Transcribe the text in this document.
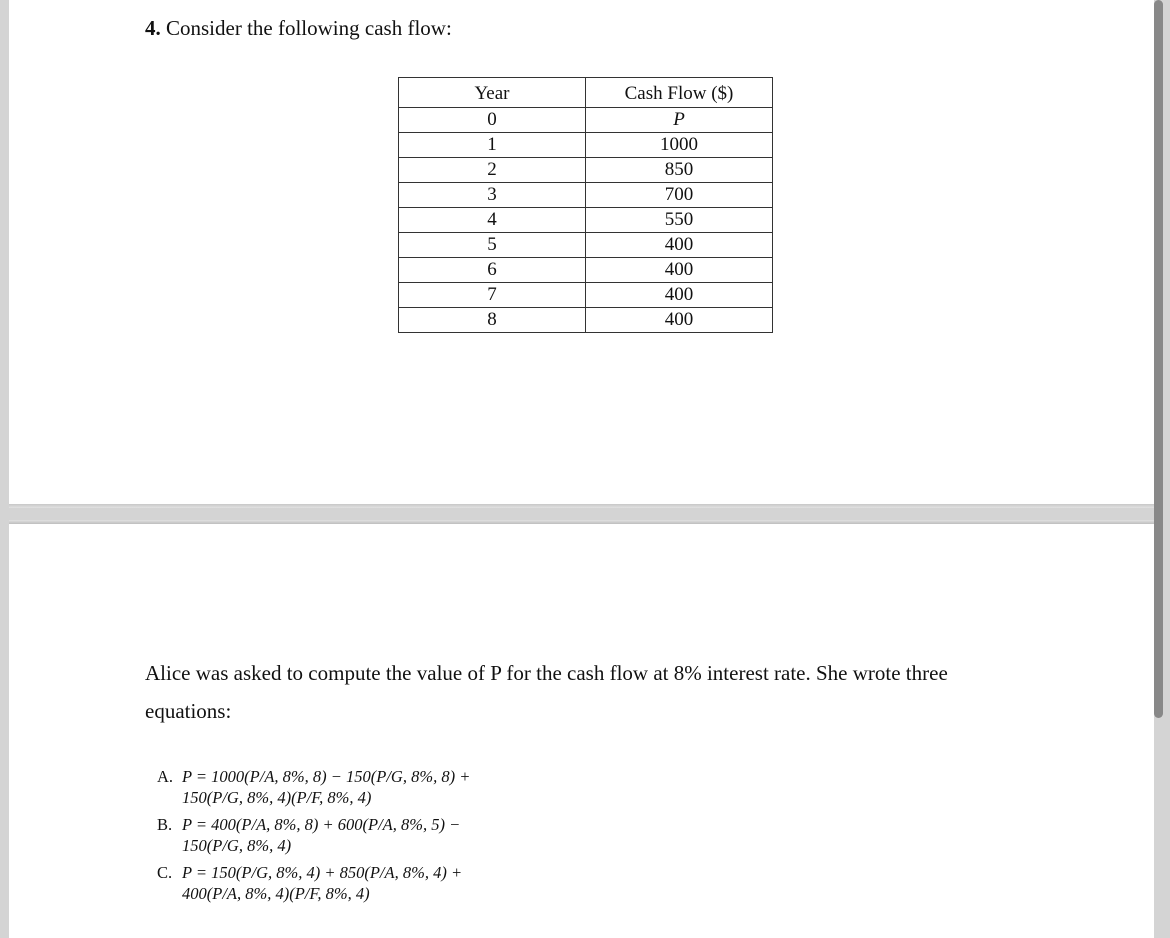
4. Consider the following cash flow:
Year	Cash Flow ($)
0	P
1	1000
2	850
3	700
4	550
5	400
6	400
7	400
8	400
Alice was asked to compute the value of P for the cash flow at 8% interest rate. She wrote three
equations:
A. P = 1000(P/A, 8%, 8) − 150(P/G, 8%, 8) +
150(P/G, 8%, 4)(P/F, 8%, 4)
B. P = 400(P/A, 8%, 8) + 600(P/A, 8%, 5) −
150(P/G, 8%, 4)
C. P = 150(P/G, 8%, 4) + 850(P/A, 8%, 4) +
400(P/A, 8%, 4)(P/F, 8%, 4)
